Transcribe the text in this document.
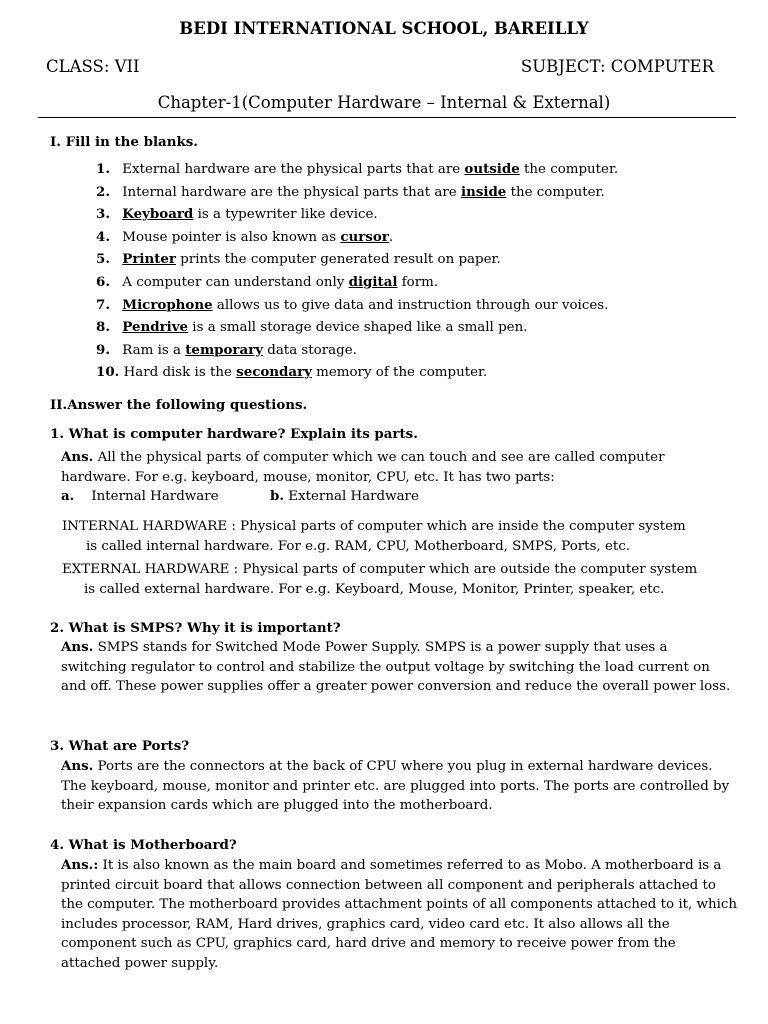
BEDI INTERNATIONAL SCHOOL, BAREILLY
CLASS: VII	SUBJECT: COMPUTER
Chapter-1(Computer Hardware – Internal & External)
I. Fill in the blanks.
1. External hardware are the physical parts that are outside the computer.
2. Internal hardware are the physical parts that are inside the computer.
3. Keyboard is a typewriter like device.
4. Mouse pointer is also known as cursor.
5. Printer prints the computer generated result on paper.
6. A computer can understand only digital form.
7. Microphone allows us to give data and instruction through our voices.
8. Pendrive is a small storage device shaped like a small pen.
9. Ram is a temporary data storage.
10. Hard disk is the secondary memory of the computer.
II.Answer the following questions.
1. What is computer hardware? Explain its parts.
Ans. All the physical parts of computer which we can touch and see are called computer hardware. For e.g. keyboard, mouse, monitor, CPU, etc. It has two parts:
a. Internal Hardware	b. External Hardware
INTERNAL HARDWARE : Physical parts of computer which are inside the computer system
is called internal hardware. For e.g. RAM, CPU, Motherboard, SMPS, Ports, etc.
EXTERNAL HARDWARE : Physical parts of computer which are outside the computer system
is called external hardware. For e.g. Keyboard, Mouse, Monitor, Printer, speaker, etc.
2. What is SMPS? Why it is important?
Ans. SMPS stands for Switched Mode Power Supply. SMPS is a power supply that uses a switching regulator to control and stabilize the output voltage by switching the load current on and off. These power supplies offer a greater power conversion and reduce the overall power loss.
3. What are Ports?
Ans. Ports are the connectors at the back of CPU where you plug in external hardware devices. The keyboard, mouse, monitor and printer etc. are plugged into ports. The ports are controlled by their expansion cards which are plugged into the motherboard.
4. What is Motherboard?
Ans.: It is also known as the main board and sometimes referred to as Mobo. A motherboard is a printed circuit board that allows connection between all component and peripherals attached to the computer. The motherboard provides attachment points of all components attached to it, which includes processor, RAM, Hard drives, graphics card, video card etc. It also allows all the component such as CPU, graphics card, hard drive and memory to receive power from the attached power supply.
